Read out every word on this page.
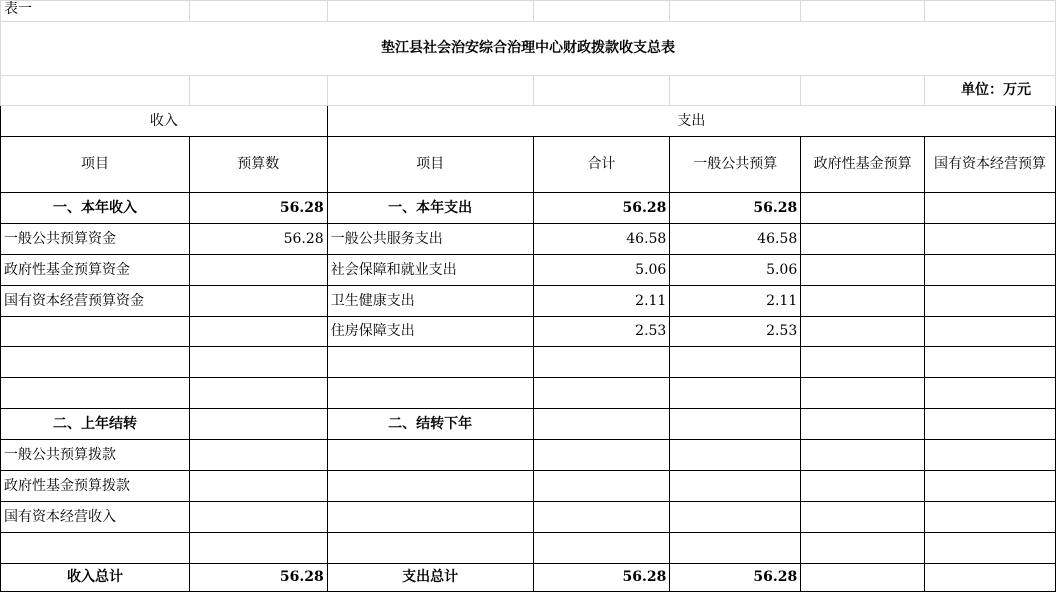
表一						
垫江县社会治安综合治理中心财政拨款收支总表						
						单位：万元
收入		支出				
项目	预算数	项目	合计	一般公共预算	政府性基金预算	国有资本经营预算
一、本年收入	56.28	一、本年支出	56.28	56.28		
一般公共预算资金	56.28	一般公共服务支出	46.58	46.58		
政府性基金预算资金		社会保障和就业支出	5.06	5.06		
国有资本经营预算资金		卫生健康支出	2.11	2.11		
		住房保障支出	2.53	2.53		

二、上年结转		二、结转下年				
一般公共预算拨款						
政府性基金预算拨款						
国有资本经营收入						

收入总计	56.28	支出总计	56.28	56.28		
